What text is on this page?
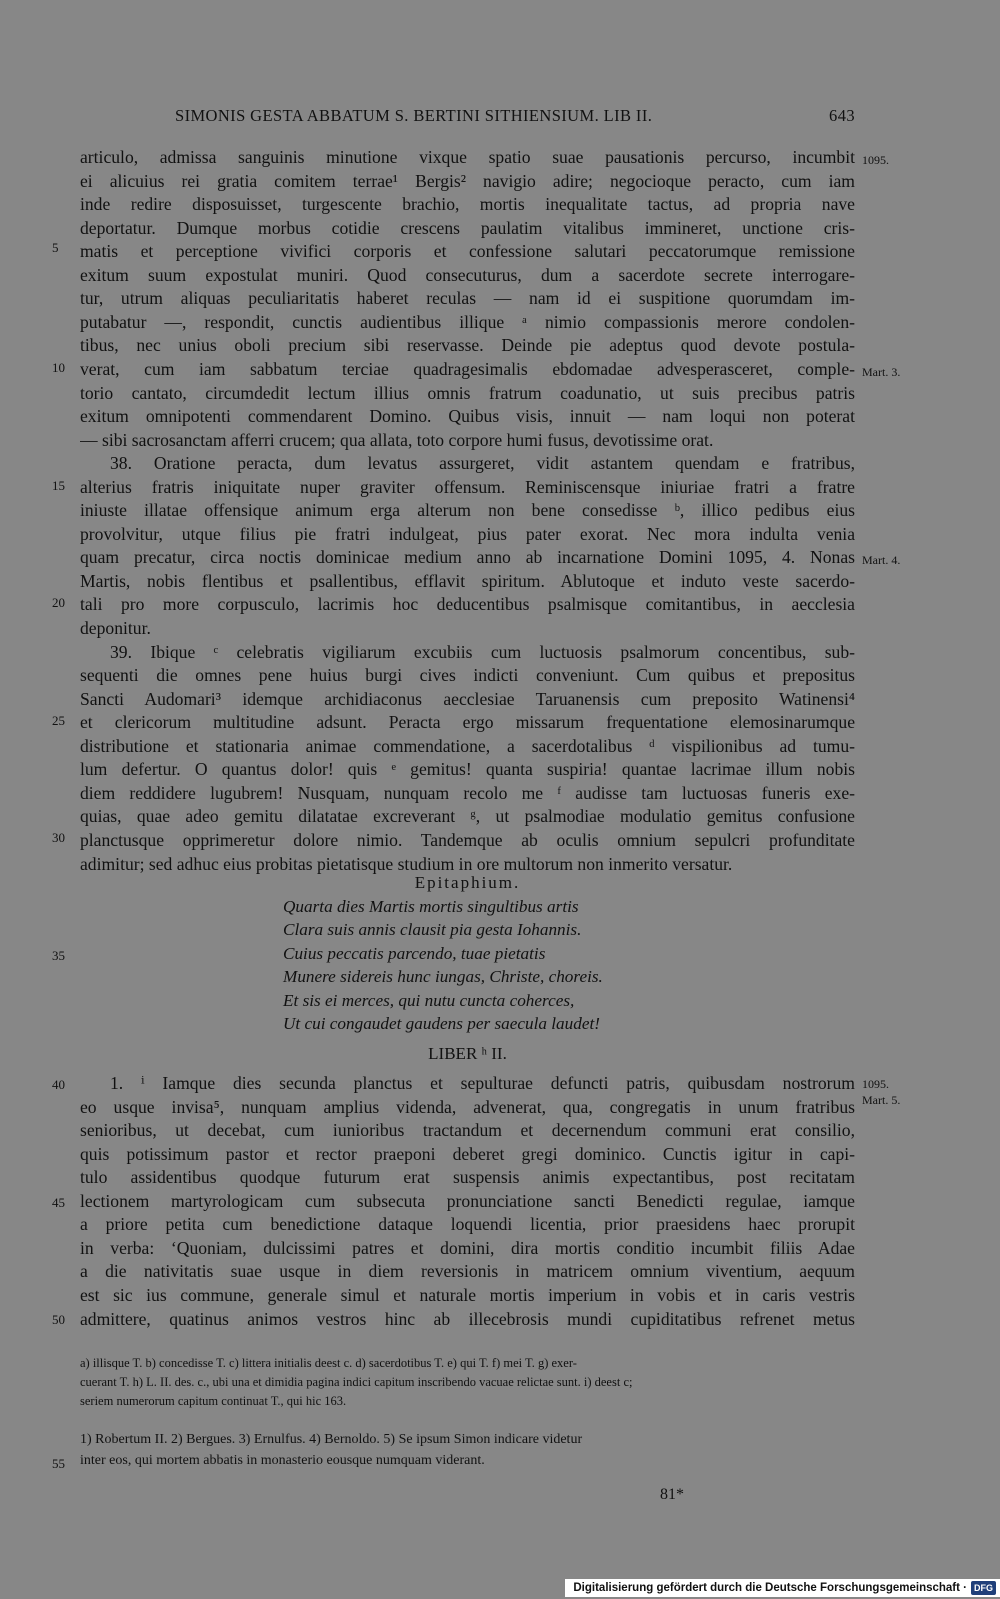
SIMONIS GESTA ABBATUM S. BERTINI SITHIENSIUM. LIB II.	643
articulo, admissa sanguinis minutione vixque spatio suae pausationis percurso, incumbit
ei alicuius rei gratia comitem terrae¹ Bergis² navigio adire; negocioque peracto, cum iam
inde redire disposuisset, turgescente brachio, mortis inequalitate tactus, ad propria nave
deportatur. Dumque morbus cotidie crescens paulatim vitalibus immineret, unctione cris-
matis et perceptione vivifici corporis et confessione salutari peccatorumque remissione
exitum suum expostulat muniri. Quod consecuturus, dum a sacerdote secrete interrogare-
tur, utrum aliquas peculiaritatis haberet reculas — nam id ei suspitione quorumdam im-
putabatur —, respondit, cunctis audientibus illique ᵃ nimio compassionis merore condolen-
tibus, nec unius oboli precium sibi reservasse. Deinde pie adeptus quod devote postula-
verat, cum iam sabbatum terciae quadragesimalis ebdomadae advesperasceret, comple-
torio cantato, circumdedit lectum illius omnis fratrum coadunatio, ut suis precibus patris
exitum omnipotenti commendarent Domino. Quibus visis, innuit — nam loqui non poterat
— sibi sacrosanctam afferri crucem; qua allata, toto corpore humi fusus, devotissime orat.
38. Oratione peracta, dum levatus assurgeret, vidit astantem quendam e fratribus,
alterius fratris iniquitate nuper graviter offensum. Reminiscensque iniuriae fratri a fratre
iniuste illatae offensique animum erga alterum non bene consedisse ᵇ, illico pedibus eius
provolvitur, utque filius pie fratri indulgeat, pius pater exorat. Nec mora indulta venia
quam precatur, circa noctis dominicae medium anno ab incarnatione Domini 1095, 4. Nonas
Martis, nobis flentibus et psallentibus, efflavit spiritum. Ablutoque et induto veste sacerdo-
tali pro more corpusculo, lacrimis hoc deducentibus psalmisque comitantibus, in aecclesia
deponitur.
39. Ibique ᶜ celebratis vigiliarum excubiis cum luctuosis psalmorum concentibus, sub-
sequenti die omnes pene huius burgi cives indicti conveniunt. Cum quibus et prepositus
Sancti Audomari³ idemque archidiaconus aecclesiae Taruanensis cum preposito Watinensi⁴
et clericorum multitudine adsunt. Peracta ergo missarum frequentatione elemosinarumque
distributione et stationaria animae commendatione, a sacerdotalibus ᵈ vispilionibus ad tumu-
lum defertur. O quantus dolor! quis ᵉ gemitus! quanta suspiria! quantae lacrimae illum nobis
diem reddidere lugubrem! Nusquam, nunquam recolo me ᶠ audisse tam luctuosas funeris exe-
quias, quae adeo gemitu dilatatae excreverant ᵍ, ut psalmodiae modulatio gemitus confusione
planctusque opprimeretur dolore nimio. Tandemque ab oculis omnium sepulcri profunditate
adimitur; sed adhuc eius probitas pietatisque studium in ore multorum non inmerito versatur.
Epitaphium.
Quarta dies Martis mortis singultibus artis
Clara suis annis clausit pia gesta Iohannis.
Cuius peccatis parcendo, tuae pietatis
Munere sidereis hunc iungas, Christe, choreis.
Et sis ei merces, qui nutu cuncta coherces,
Ut cui congaudet gaudens per saecula laudet!
LIBER ʰ II.
1. ⁱ Iamque dies secunda planctus et sepulturae defuncti patris, quibusdam nostrorum
eo usque invisa⁵, nunquam amplius videnda, advenerat, qua, congregatis in unum fratribus
senioribus, ut decebat, cum iunioribus tractandum et decernendum communi erat consilio,
quis potissimum pastor et rector praeponi deberet gregi dominico. Cunctis igitur in capi-
tulo assidentibus quodque futurum erat suspensis animis expectantibus, post recitatam
lectionem martyrologicam cum subsecuta pronunciatione sancti Benedicti regulae, iamque
a priore petita cum benedictione dataque loquendi licentia, prior praesidens haec prorupit
in verba: ‘Quoniam, dulcissimi patres et domini, dira mortis conditio incumbit filiis Adae
a die nativitatis suae usque in diem reversionis in matricem omnium viventium, aequum
est sic ius commune, generale simul et naturale mortis imperium in vobis et in caris vestris
admittere, quatinus animos vestros hinc ab illecebrosis mundi cupiditatibus refrenet metus
5
10
15
20
25
30
35
40
45
50
55
1095.
Mart. 3.
Mart. 4.
1095.
Mart. 5.
a) illisque T. b) concedisse T. c) littera initialis deest c. d) sacerdotibus T. e) qui T. f) mei T. g) exer-
cuerant T. h) L. II. des. c., ubi una et dimidia pagina indici capitum inscribendo vacuae relictae sunt. i) deest c;
seriem numerorum capitum continuat T., qui hic 163.
1) Robertum II. 2) Bergues. 3) Ernulfus. 4) Bernoldo. 5) Se ipsum Simon indicare videtur
inter eos, qui mortem abbatis in monasterio eousque numquam viderant.
81*
Digitalisierung gefördert durch die Deutsche Forschungsgemeinschaft · DFG
